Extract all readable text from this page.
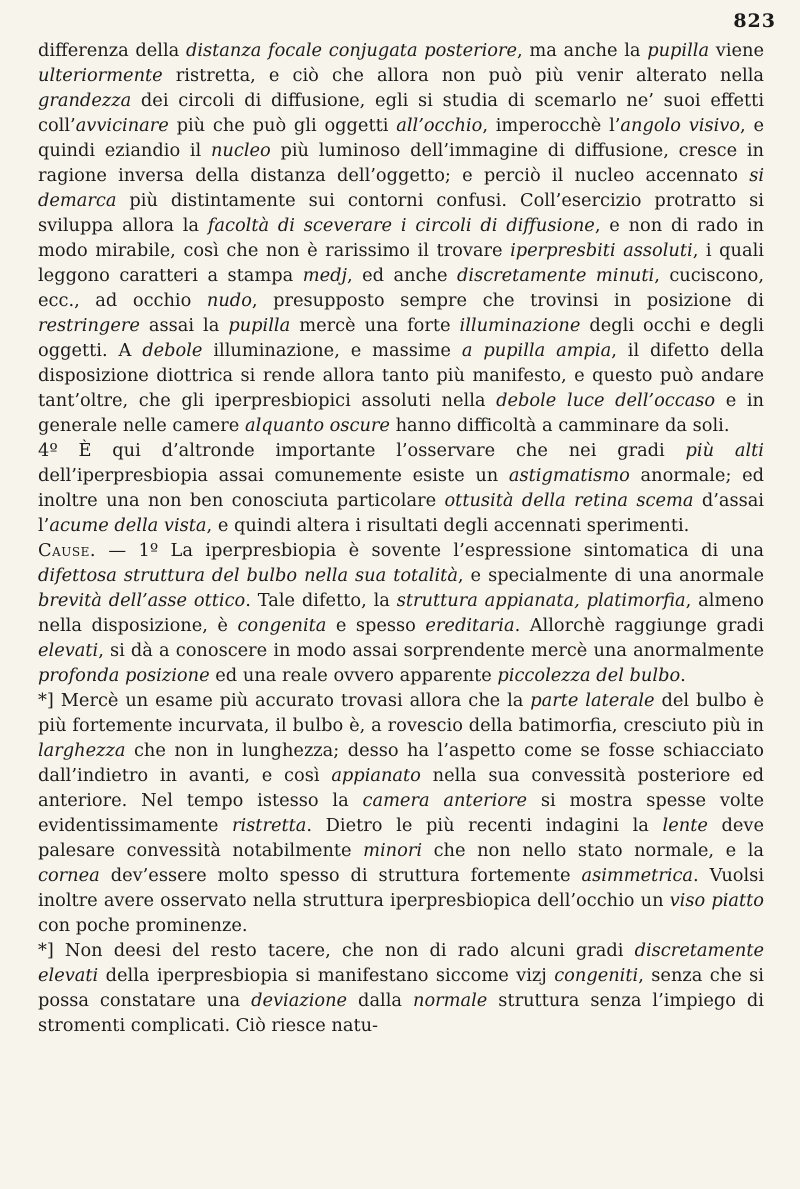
823

differenza della distanza focale conjugata posteriore, ma anche la pupilla viene ulteriormente ristretta, e ciò che allora non può più venir alterato nella grandezza dei circoli di diffusione, egli si studia di scemarlo ne’ suoi effetti coll’avvicinare più che può gli oggetti all’occhio, imperocchè l’angolo visivo, e quindi eziandio il nucleo più luminoso dell’immagine di diffusione, cresce in ragione inversa della distanza dell’oggetto; e perciò il nucleo accennato si demarca più distintamente sui contorni confusi. Coll’esercizio protratto si sviluppa allora la facoltà di sceverare i circoli di diffusione, e non di rado in modo mirabile, così che non è rarissimo il trovare iperpresbiti assoluti, i quali leggono caratteri a stampa medj, ed anche discretamente minuti, cuciscono, ecc., ad occhio nudo, presupposto sempre che trovinsi in posizione di restringere assai la pupilla mercè una forte illuminazione degli occhi e degli oggetti. A debole illuminazione, e massime a pupilla ampia, il difetto della disposizione diottrica si rende allora tanto più manifesto, e questo può andare tant’oltre, che gli iperpresbiopici assoluti nella debole luce dell’occaso e in generale nelle camere alquanto oscure hanno difficoltà a camminare da soli.

4º È qui d’altronde importante l’osservare che nei gradi più alti dell’iperpresbiopia assai comunemente esiste un astigmatismo anormale; ed inoltre una non ben conosciuta particolare ottusità della retina scema d’assai l’acume della vista, e quindi altera i risultati degli accennati sperimenti.

Cause. — 1º La iperpresbiopia è sovente l’espressione sintomatica di una difettosa struttura del bulbo nella sua totalità, e specialmente di una anormale brevità dell’asse ottico. Tale difetto, la struttura appianata, platimorfia, almeno nella disposizione, è congenita e spesso ereditaria. Allorchè raggiunge gradi elevati, si dà a conoscere in modo assai sorprendente mercè una anormalmente profonda posizione ed una reale ovvero apparente piccolezza del bulbo.

*] Mercè un esame più accurato trovasi allora che la parte laterale del bulbo è più fortemente incurvata, il bulbo è, a rovescio della batimorfia, cresciuto più in larghezza che non in lunghezza; desso ha l’aspetto come se fosse schiacciato dall’indietro in avanti, e così appianato nella sua convessità posteriore ed anteriore. Nel tempo istesso la camera anteriore si mostra spesse volte evidentissimamente ristretta. Dietro le più recenti indagini la lente deve palesare convessità notabilmente minori che non nello stato normale, e la cornea dev’essere molto spesso di struttura fortemente asimmetrica. Vuolsi inoltre avere osservato nella struttura iperpresbiopica dell’occhio un viso piatto con poche prominenze.

*] Non deesi del resto tacere, che non di rado alcuni gradi discretamente elevati della iperpresbiopia si manifestano siccome vizj congeniti, senza che si possa constatare una deviazione dalla normale struttura senza l’impiego di stromenti complicati. Ciò riesce natu-
